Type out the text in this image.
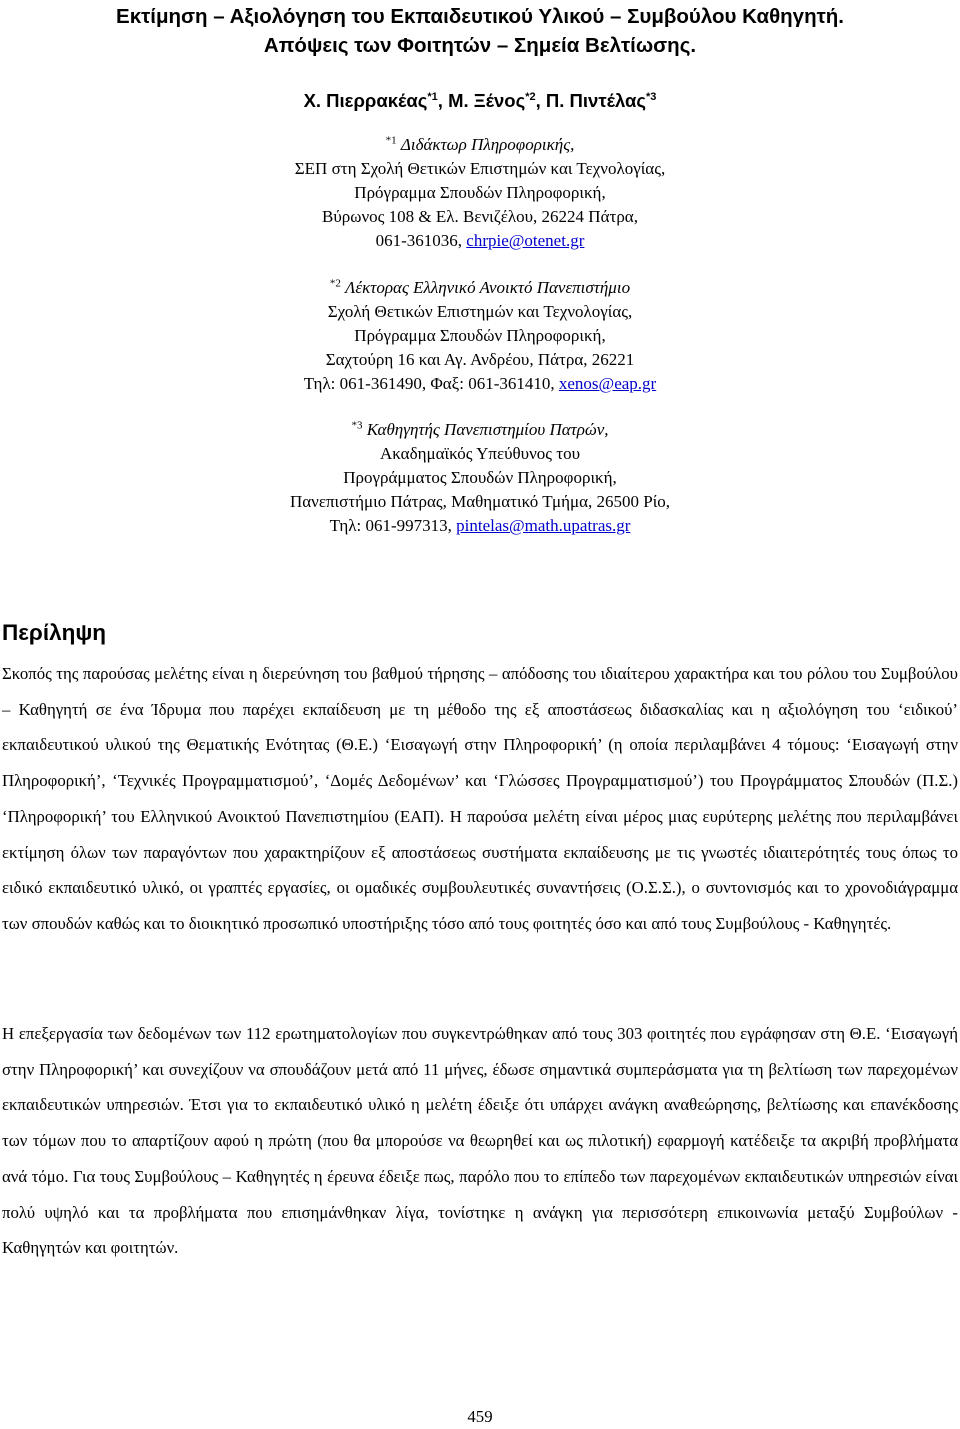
Εκτίμηση – Αξιολόγηση του Εκπαιδευτικού Υλικού – Συμβούλου Καθηγητή.
Απόψεις των Φοιτητών – Σημεία Βελτίωσης.
Χ. Πιερρακέας$^{*1}$, Μ. Ξένος$^{*2}$, Π. Πιντέλας$^{*3}$
$^{*1}$ Διδάκτωρ Πληροφορικής,
ΣΕΠ στη Σχολή Θετικών Επιστημών και Τεχνολογίας,
Πρόγραμμα Σπουδών Πληροφορική,
Βύρωνος 108 & Ελ. Βενιζέλου, 26224 Πάτρα,
061-361036, chrpie@otenet.gr
$^{*2}$ Λέκτορας Ελληνικό Ανοικτό Πανεπιστήμιο
Σχολή Θετικών Επιστημών και Τεχνολογίας,
Πρόγραμμα Σπουδών Πληροφορική,
Σαχτούρη 16 και Αγ. Ανδρέου, Πάτρα, 26221
Τηλ: 061-361490, Φαξ: 061-361410, xenos@eap.gr
$^{*3}$ Καθηγητής Πανεπιστημίου Πατρών,
Ακαδημαϊκός Υπεύθυνος του
Προγράμματος Σπουδών Πληροφορική,
Πανεπιστήμιο Πάτρας, Μαθηματικό Τμήμα, 26500 Ρίο,
Τηλ: 061-997313, pintelas@math.upatras.gr
Περίληψη
Σκοπός της παρούσας μελέτης είναι η διερεύνηση του βαθμού τήρησης – απόδοσης του ιδιαίτερου χαρακτήρα και του ρόλου του Συμβούλου – Καθηγητή σε ένα Ίδρυμα που παρέχει εκπαίδευση με τη μέθοδο της εξ αποστάσεως διδασκαλίας και η αξιολόγηση του ‘ειδικού’ εκπαιδευτικού υλικού της Θεματικής Ενότητας (Θ.Ε.) ‘Εισαγωγή στην Πληροφορική’ (η οποία περιλαμβάνει 4 τόμους: ‘Εισαγωγή στην Πληροφορική’, ‘Τεχνικές Προγραμματισμού’, ‘Δομές Δεδομένων’ και ‘Γλώσσες Προγραμματισμού’) του Προγράμματος Σπουδών (Π.Σ.) ‘Πληροφορική’ του Ελληνικού Ανοικτού Πανεπιστημίου (ΕΑΠ). Η παρούσα μελέτη είναι μέρος μιας ευρύτερης μελέτης που περιλαμβάνει εκτίμηση όλων των παραγόντων που χαρακτηρίζουν εξ αποστάσεως συστήματα εκπαίδευσης με τις γνωστές ιδιαιτερότητές τους όπως το ειδικό εκπαιδευτικό υλικό, οι γραπτές εργασίες, οι ομαδικές συμβουλευτικές συναντήσεις (Ο.Σ.Σ.), ο συντονισμός και το χρονοδιάγραμμα των σπουδών καθώς και το διοικητικό προσωπικό υποστήριξης τόσο από τους φοιτητές όσο και από τους Συμβούλους - Καθηγητές.
Η επεξεργασία των δεδομένων των 112 ερωτηματολογίων που συγκεντρώθηκαν από τους 303 φοιτητές που εγράφησαν στη Θ.Ε. ‘Εισαγωγή στην Πληροφορική’ και συνεχίζουν να σπουδάζουν μετά από 11 μήνες, έδωσε σημαντικά συμπεράσματα για τη βελτίωση των παρεχομένων εκπαιδευτικών υπηρεσιών. Έτσι για το εκπαιδευτικό υλικό η μελέτη έδειξε ότι υπάρχει ανάγκη αναθεώρησης, βελτίωσης και επανέκδοσης των τόμων που το απαρτίζουν αφού η πρώτη (που θα μπορούσε να θεωρηθεί και ως πιλοτική) εφαρμογή κατέδειξε τα ακριβή προβλήματα ανά τόμο. Για τους Συμβούλους – Καθηγητές η έρευνα έδειξε πως, παρόλο που το επίπεδο των παρεχομένων εκπαιδευτικών υπηρεσιών είναι πολύ υψηλό και τα προβλήματα που επισημάνθηκαν λίγα, τονίστηκε η ανάγκη για περισσότερη επικοινωνία μεταξύ Συμβούλων - Καθηγητών και φοιτητών.
459
